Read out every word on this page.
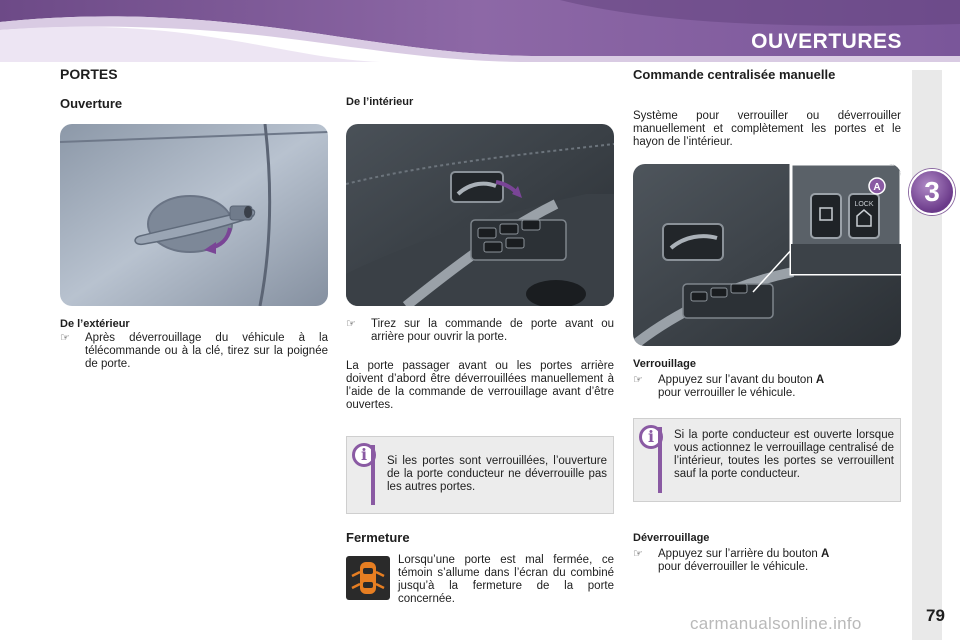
OUVERTURES
3
PORTES
Ouverture
De l’extérieur
☞ Après déverrouillage du véhicule à la télécommande ou à la clé, tirez sur la poignée de porte.
De l’intérieur
☞ Tirez sur la commande de porte avant ou arrière pour ouvrir la porte.
La porte passager avant ou les portes arrière doivent d’abord être déverrouillées manuellement à l’aide de la commande de verrouillage avant d’être ouvertes.
i	Si les portes sont verrouillées, l’ouverture de la porte conducteur ne déverrouille pas les autres portes.
Fermeture
Lorsqu’une porte est mal fermée, ce témoin s’allume dans l’écran du combiné jusqu’à la fermeture de la porte concernée.
Commande centralisée manuelle
Système pour verrouiller ou déverrouiller manuellement et complètement les portes et le hayon de l’intérieur.
LOCK
A
Verrouillage
☞ Appuyez sur l’avant du bouton A
pour verrouiller le véhicule.
i	Si la porte conducteur est ouverte lorsque vous actionnez le verrouillage centralisé de l’intérieur, toutes les portes se verrouillent sauf la porte conducteur.
Déverrouillage
☞ Appuyez sur l’arrière du bouton A
pour déverrouiller le véhicule.
carmanualsonline.info	79
